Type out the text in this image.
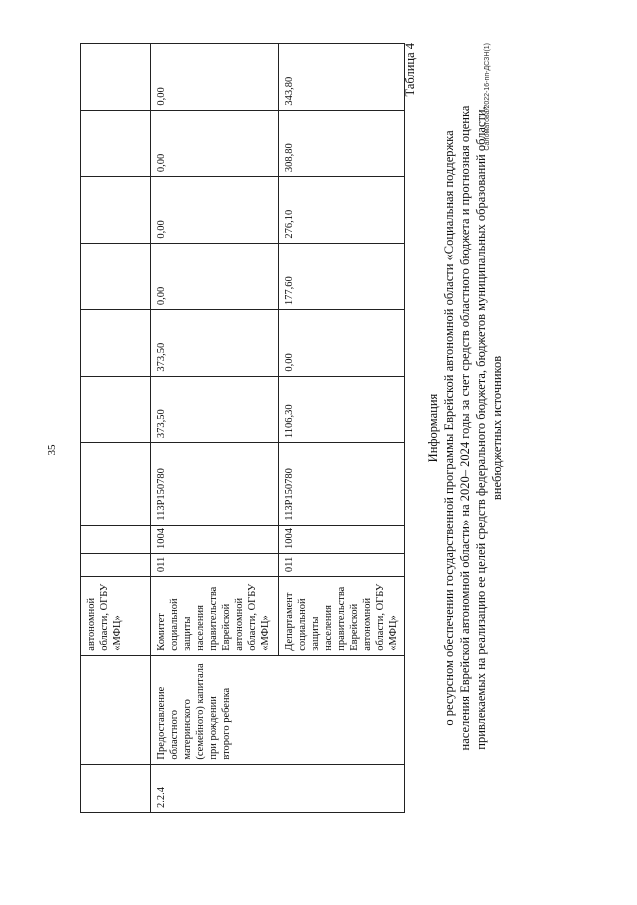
35
		автономной области, ОГБУ «МФЦ»									
2.2.4	Предоставление областного материнского (семейного) капитала при рождении второго ребенка	Комитет социальной защиты населения правительства Еврейской автономной области, ОГБУ «МФЦ»	011	1004	113Р150780	373,50	373,50	0,00	0,00	0,00	0,00
		Департамент социальной защиты населения правительства Еврейской автономной области, ОГБУ «МФЦ»	011	1004	113Р150780	1106,30	0,00	177,60	276,10	308,80	343,80	Таблица 4
Информация о ресурсном обеспечении государственной программы Еврейской автономной области «Социальная поддержка населения Еврейской автономной области» на 2020– 2024 годы за счет средств областного бюджета и прогнозная оценка привлекаемых на реализацию ее целей средств федерального бюджета, бюджетов муниципальных образований области, внебюджетных источников
Саломатова/2022-16-пп-ДСЗН(1)
